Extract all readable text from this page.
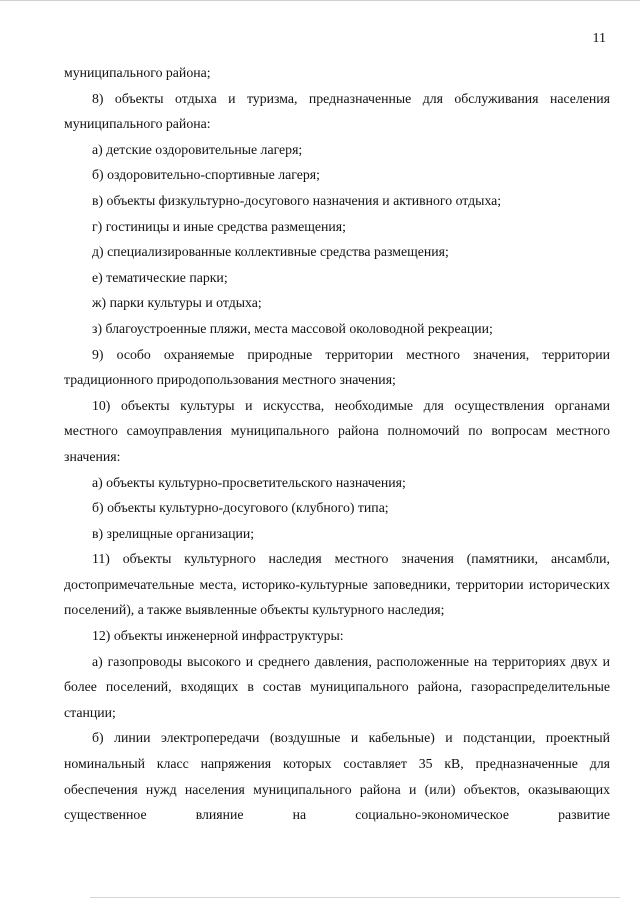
11

муниципального района;

8) объекты отдыха и туризма, предназначенные для обслуживания населения муниципального района:

а) детские оздоровительные лагеря;

б) оздоровительно-спортивные лагеря;

в) объекты физкультурно-досугового назначения и активного отдыха;

г) гостиницы и иные средства размещения;

д) специализированные коллективные средства размещения;

е) тематические парки;

ж) парки культуры и отдыха;

з) благоустроенные пляжи, места массовой околоводной рекреации;

9) особо охраняемые природные территории местного значения, территории традиционного природопользования местного значения;

10) объекты культуры и искусства, необходимые для осуществления органами местного самоуправления муниципального района полномочий по вопросам местного значения:

а) объекты культурно-просветительского назначения;

б) объекты культурно-досугового (клубного) типа;

в) зрелищные организации;

11) объекты культурного наследия местного значения (памятники, ансамбли, достопримечательные места, историко-культурные заповедники, территории исторических поселений), а также выявленные объекты культурного наследия;

12) объекты инженерной инфраструктуры:

а) газопроводы высокого и среднего давления, расположенные на территориях двух и более поселений, входящих в состав муниципального района, газораспределительные станции;

б) линии электропередачи (воздушные и кабельные) и подстанции, проектный номинальный класс напряжения которых составляет 35 кВ, предназначенные для обеспечения нужд населения муниципального района и (или) объектов, оказывающих существенное влияние на социально-экономическое развитие
